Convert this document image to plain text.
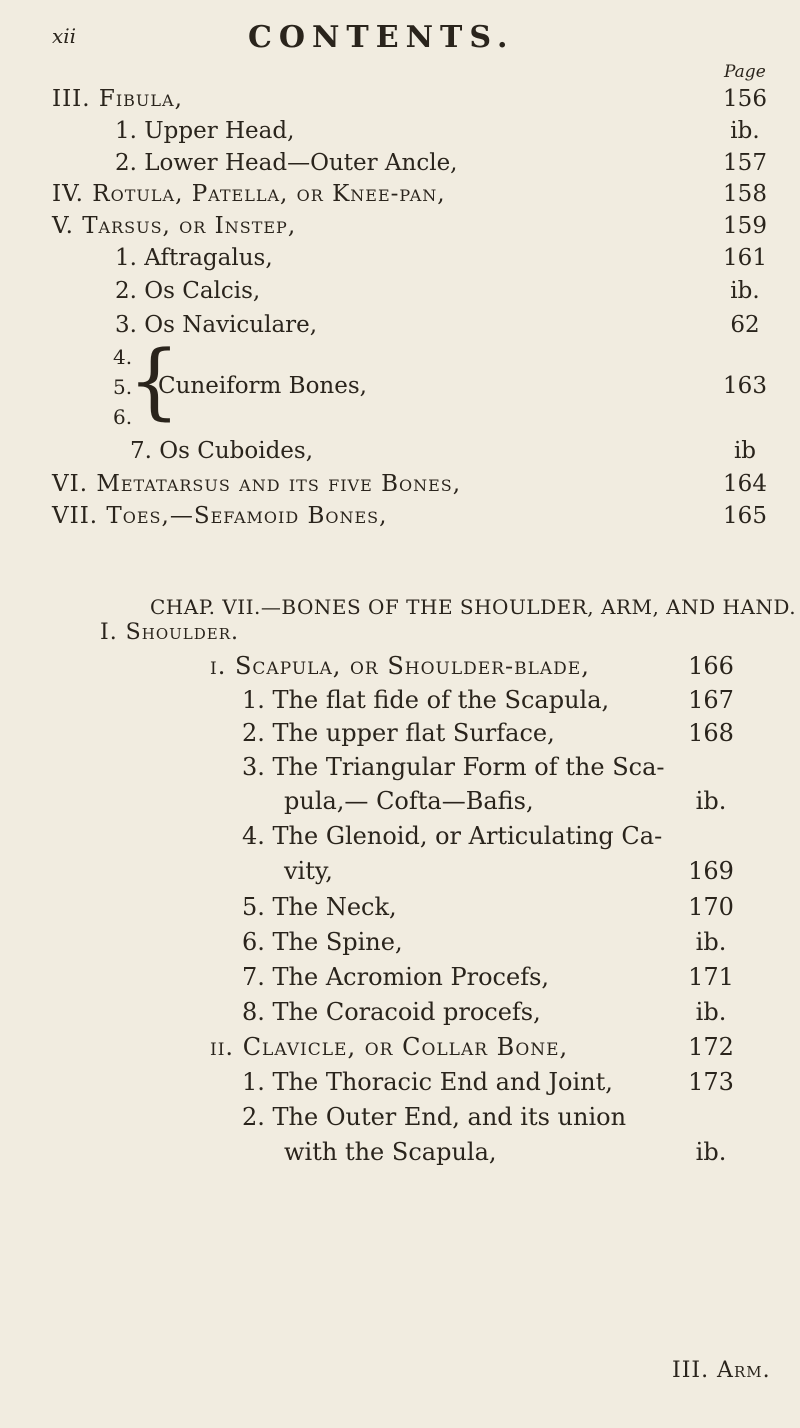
xii	CONTENTS.
Page
III. Fibula,	156
1. Upper Head,	ib.
2. Lower Head—Outer Ancle,	157
IV. Rotula, Patella, or Knee-pan,	158
V. Tarsus, or Instep,	159
1. Aftragalus,	161
2. Os Calcis,	ib.
3. Os Naviculare,	62
4.
5.
6.
{
Cuneiform Bones,	163
7. Os Cuboides,	ib
VI. Metatarsus and its five Bones,	164
VII. Toes,—Sefamoid Bones,	165
CHAP. VII.—BONES OF THE SHOULDER, ARM, AND HAND.
I. Shoulder.
i. Scapula, or Shoulder-blade,	166
1. The flat fide of the Scapula,	167
2. The upper flat Surface,	168
3. The Triangular Form of the Sca-
pula,— Cofta—Bafis,	ib.
4. The Glenoid, or Articulating Ca-
vity,	169
5. The Neck,	170
6. The Spine,	ib.
7. The Acromion Procefs,	171
8. The Coracoid procefs,	ib.
ii. Clavicle, or Collar Bone,	172
1. The Thoracic End and Joint,	173
2. The Outer End, and its union
with the Scapula,	ib.
III. Arm.
